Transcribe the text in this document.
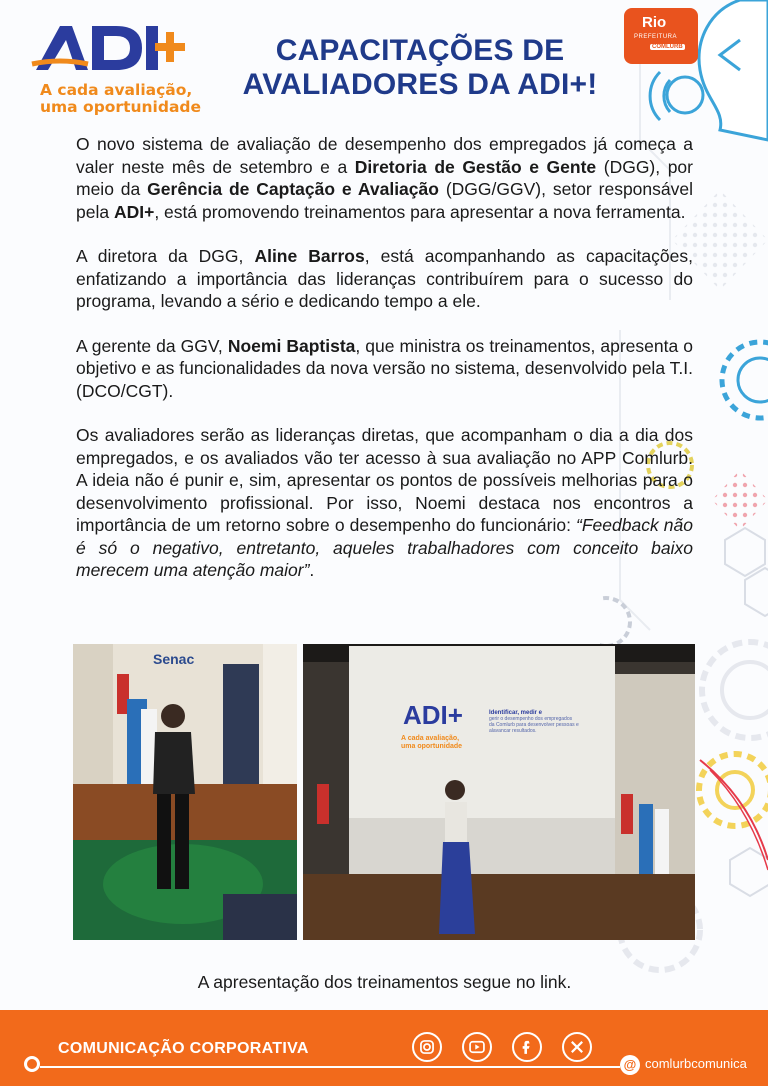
A cada avaliação,
uma oportunidade
CAPACITAÇÕES DE
AVALIADORES DA ADI+!
Rio
PREFEITURA
COMLURB

O novo sistema de avaliação de desempenho dos empregados já começa a valer neste mês de setembro e a Diretoria de Gestão e Gente (DGG), por meio da Gerência de Captação e Avaliação (DGG/GGV), setor responsável pela ADI+, está promovendo treinamentos para apresentar a nova ferramenta.

A diretora da DGG, Aline Barros, está acompanhando as capacitações, enfatizando a importância das lideranças contribuírem para o sucesso do programa, levando a sério e dedicando tempo a ele.

A gerente da GGV, Noemi Baptista, que ministra os treinamentos, apresenta o objetivo e as funcionalidades da nova versão no sistema, desenvolvido pela T.I. (DCO/CGT).

Os avaliadores serão as lideranças diretas, que acompanham o dia a dia dos empregados, e os avaliados vão ter acesso à sua avaliação no APP Comlurb. A ideia não é punir e, sim, apresentar os pontos de possíveis melhorias para o desenvolvimento profissional. Por isso, Noemi destaca nos encontros a importância de um retorno sobre o desempenho do funcionário: “Feedback não é só o negativo, entretanto, aqueles trabalhadores com conceito baixo merecem uma atenção maior”.

Senac
ADI+
A cada avaliação,
uma oportunidade
Identificar, medir e
gerir o desempenho dos empregados da Comlurb para desenvolver pessoas e alavancar resultados.
A apresentação dos treinamentos segue no link.
COMUNICAÇÃO CORPORATIVA
@ comlurbcomunica
